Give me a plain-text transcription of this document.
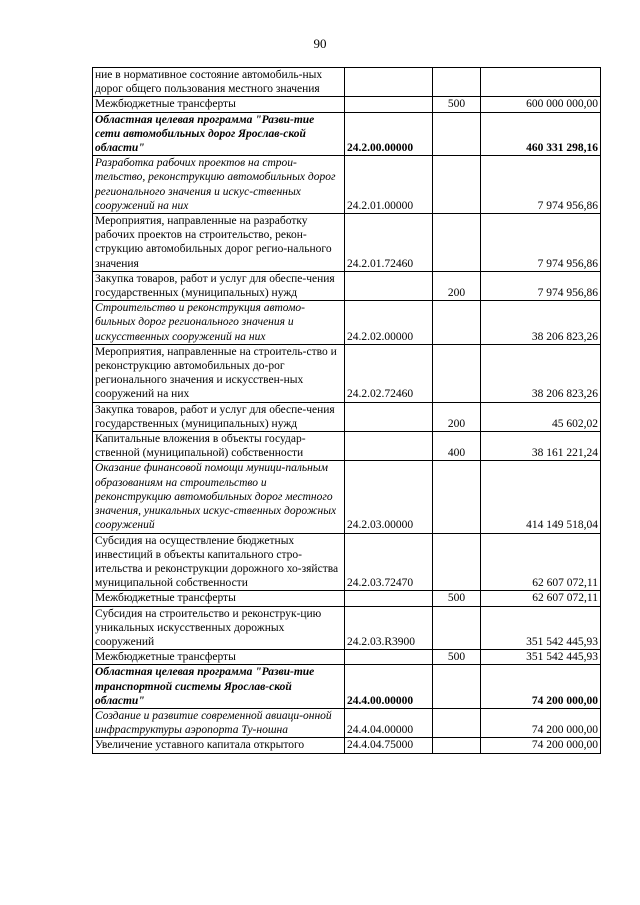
90
ние в нормативное состояние автомобиль-ных дорог общего пользования местного значения			
Межбюджетные трансферты		500	600 000 000,00
Областная целевая программа "Разви-тие сети автомобильных дорог Ярослав-ской области"	24.2.00.00000		460 331 298,16
Разработка рабочих проектов на строи-тельство, реконструкцию автомобильных дорог регионального значения и искус-ственных сооружений на них	24.2.01.00000		7 974 956,86
Мероприятия, направленные на разработку рабочих проектов на строительство, рекон-струкцию автомобильных дорог регио-нального значения	24.2.01.72460		7 974 956,86
Закупка товаров, работ и услуг для обеспе-чения государственных (муниципальных) нужд		200	7 974 956,86
Строительство и реконструкция автомо-бильных дорог регионального значения и искусственных сооружений на них	24.2.02.00000		38 206 823,26
Мероприятия, направленные на строитель-ство и реконструкцию автомобильных до-рог регионального значения и искусствен-ных сооружений на них	24.2.02.72460		38 206 823,26
Закупка товаров, работ и услуг для обеспе-чения государственных (муниципальных) нужд		200	45 602,02
Капитальные вложения в объекты государ-ственной (муниципальной) собственности		400	38 161 221,24
Оказание финансовой помощи муници-пальным образованиям на строительство и реконструкцию автомобильных дорог местного значения, уникальных искус-ственных дорожных сооружений	24.2.03.00000		414 149 518,04
Субсидия на осуществление бюджетных инвестиций в объекты капитального стро-ительства и реконструкции дорожного хо-зяйства муниципальной собственности	24.2.03.72470		62 607 072,11
Межбюджетные трансферты		500	62 607 072,11
Субсидия на строительство и реконструк-цию уникальных искусственных дорожных сооружений	24.2.03.R3900		351 542 445,93
Межбюджетные трансферты		500	351 542 445,93
Областная целевая программа "Разви-тие транспортной системы Ярослав-ской области"	24.4.00.00000		74 200 000,00
Создание и развитие современной авиаци-онной инфраструктуры аэропорта Ту-ношна	24.4.04.00000		74 200 000,00
Увеличение уставного капитала открытого	24.4.04.75000		74 200 000,00
